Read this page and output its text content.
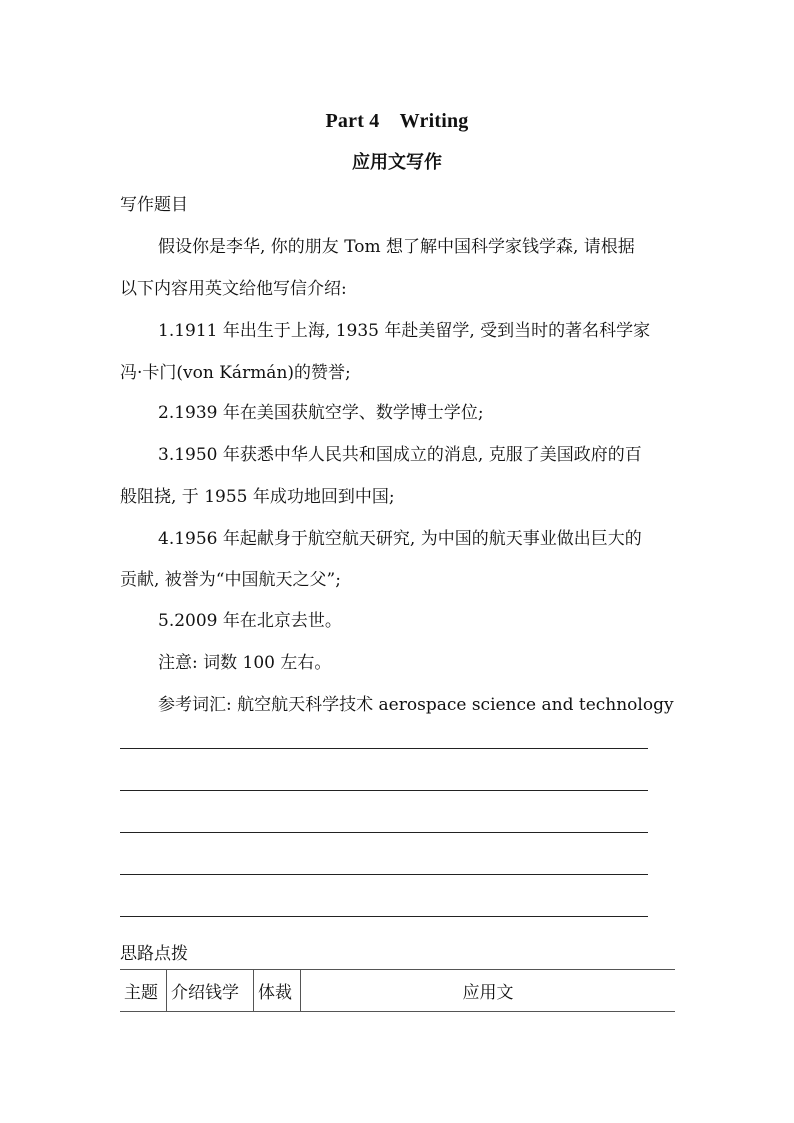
Part 4　Writing
应用文写作
写作题目
假设你是李华, 你的朋友 Tom 想了解中国科学家钱学森, 请根据
以下内容用英文给他写信介绍:
1.1911 年出生于上海, 1935 年赴美留学, 受到当时的著名科学家
冯·卡门(von Kármán)的赞誉;
2.1939 年在美国获航空学、数学博士学位;
3.1950 年获悉中华人民共和国成立的消息, 克服了美国政府的百
般阻挠, 于 1955 年成功地回到中国;
4.1956 年起献身于航空航天研究, 为中国的航天事业做出巨大的
贡献, 被誉为“中国航天之父”;
5.2009 年在北京去世。
注意: 词数 100 左右。
参考词汇: 航空航天科学技术 aerospace science and technology
思路点拨
主题	介绍钱学	体裁	应用文
